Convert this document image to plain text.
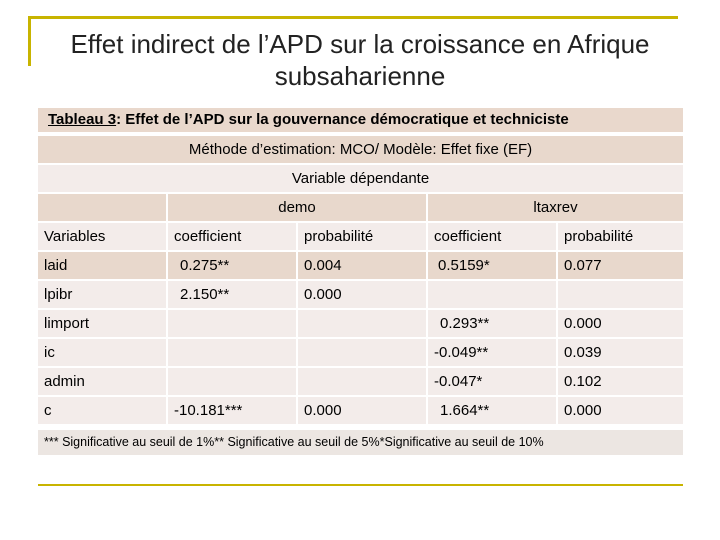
Effet indirect de l’APD sur la croissance en Afrique
subsaharienne
Tableau 3: Effet de l’APD sur la gouvernance démocratique et techniciste
Méthode d’estimation: MCO/ Modèle: Effet fixe (EF)				
Variable dépendante				
	demo		ltaxrev	
Variables	coefficient	probabilité	coefficient	probabilité
laid	0.275**	0.004	0.5159*	0.077
lpibr	2.150**	0.000		
limport			0.293**	0.000
ic			-0.049**	0.039
admin			-0.047*	0.102
c	-10.181***	0.000	1.664**	0.000
*** Significative au seuil de 1%** Significative au seuil de 5%*Significative au seuil de 10%
